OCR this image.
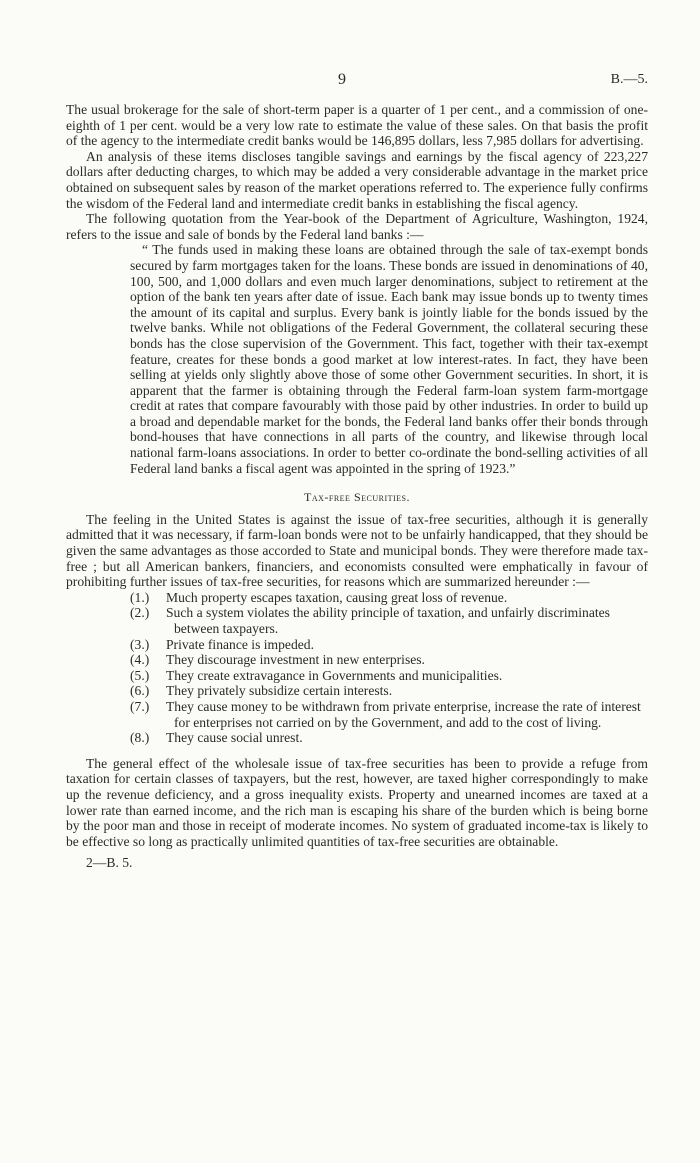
9	B.—5.

The usual brokerage for the sale of short-term paper is a quarter of 1 per cent., and a commission of one-eighth of 1 per cent. would be a very low rate to estimate the value of these sales. On that basis the profit of the agency to the intermediate credit banks would be 146,895 dollars, less 7,985 dollars for advertising.

An analysis of these items discloses tangible savings and earnings by the fiscal agency of 223,227 dollars after deducting charges, to which may be added a very considerable advantage in the market price obtained on subsequent sales by reason of the market operations referred to. The experience fully confirms the wisdom of the Federal land and intermediate credit banks in establishing the fiscal agency.

The following quotation from the Year-book of the Department of Agriculture, Washington, 1924, refers to the issue and sale of bonds by the Federal land banks :—

“ The funds used in making these loans are obtained through the sale of tax-exempt bonds secured by farm mortgages taken for the loans. These bonds are issued in denominations of 40, 100, 500, and 1,000 dollars and even much larger denominations, subject to retirement at the option of the bank ten years after date of issue. Each bank may issue bonds up to twenty times the amount of its capital and surplus. Every bank is jointly liable for the bonds issued by the twelve banks. While not obligations of the Federal Government, the collateral securing these bonds has the close supervision of the Government. This fact, together with their tax-exempt feature, creates for these bonds a good market at low interest-rates. In fact, they have been selling at yields only slightly above those of some other Government securities. In short, it is apparent that the farmer is obtaining through the Federal farm-loan system farm-mortgage credit at rates that compare favourably with those paid by other industries. In order to build up a broad and dependable market for the bonds, the Federal land banks offer their bonds through bond-houses that have connections in all parts of the country, and likewise through local national farm-loans associations. In order to better co-ordinate the bond-selling activities of all Federal land banks a fiscal agent was appointed in the spring of 1923.”

Tax-free Securities.

The feeling in the United States is against the issue of tax-free securities, although it is generally admitted that it was necessary, if farm-loan bonds were not to be unfairly handicapped, that they should be given the same advantages as those accorded to State and municipal bonds. They were therefore made tax-free ; but all American bankers, financiers, and economists consulted were emphatically in favour of prohibiting further issues of tax-free securities, for reasons which are summarized hereunder :—

(1.) Much property escapes taxation, causing great loss of revenue.
(2.) Such a system violates the ability principle of taxation, and unfairly discriminates between taxpayers.
(3.) Private finance is impeded.
(4.) They discourage investment in new enterprises.
(5.) They create extravagance in Governments and municipalities.
(6.) They privately subsidize certain interests.
(7.) They cause money to be withdrawn from private enterprise, increase the rate of interest for enterprises not carried on by the Government, and add to the cost of living.
(8.) They cause social unrest.

The general effect of the wholesale issue of tax-free securities has been to provide a refuge from taxation for certain classes of taxpayers, but the rest, however, are taxed higher correspondingly to make up the revenue deficiency, and a gross inequality exists. Property and unearned incomes are taxed at a lower rate than earned income, and the rich man is escaping his share of the burden which is being borne by the poor man and those in receipt of moderate incomes. No system of graduated income-tax is likely to be effective so long as practically unlimited quantities of tax-free securities are obtainable.

2—B. 5.
